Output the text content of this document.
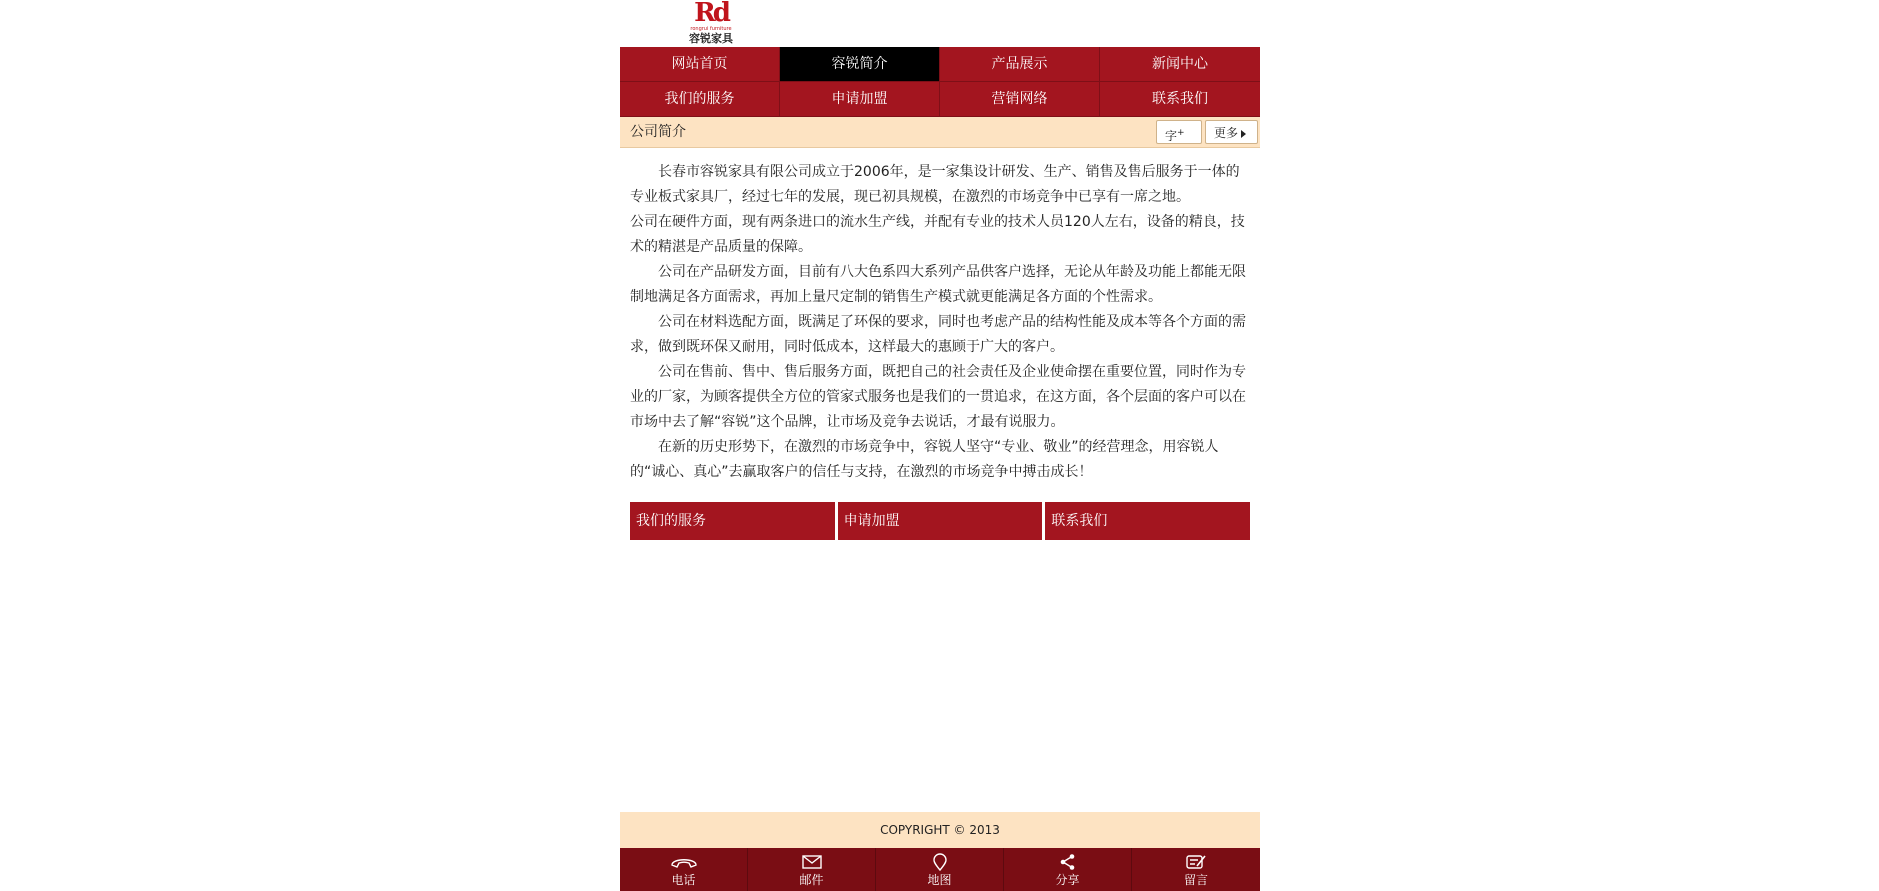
Rd
rongrui furniture
容锐家具
网站首页	容锐简介	产品展示	新闻中心
我们的服务	申请加盟	营销网络	联系我们
公司简介	字+	更多

长春市容锐家具有限公司成立于2006年，是一家集设计研发、生产、销售及售后服务于一体的专业板式家具厂，经过七年的发展，现已初具规模，在激烈的市场竞争中已享有一席之地。

公司在硬件方面，现有两条进口的流水生产线，并配有专业的技术人员120人左右，设备的精良，技术的精湛是产品质量的保障。

公司在产品研发方面，目前有八大色系四大系列产品供客户选择，无论从年龄及功能上都能无限制地满足各方面需求，再加上量尺定制的销售生产模式就更能满足各方面的个性需求。

公司在材料选配方面，既满足了环保的要求，同时也考虑产品的结构性能及成本等各个方面的需求，做到既环保又耐用，同时低成本，这样最大的惠顾于广大的客户。

公司在售前、售中、售后服务方面，既把自己的社会责任及企业使命摆在重要位置，同时作为专业的厂家，为顾客提供全方位的管家式服务也是我们的一贯追求，在这方面，各个层面的客户可以在市场中去了解“容锐”这个品牌，让市场及竞争去说话，才最有说服力。

在新的历史形势下，在激烈的市场竞争中，容锐人坚守“专业、敬业”的经营理念，用容锐人的“诚心、真心”去赢取客户的信任与支持，在激烈的市场竞争中搏击成长！

我们的服务	申请加盟	联系我们
COPYRIGHT © 2013
电话	邮件	地图	分享	留言
